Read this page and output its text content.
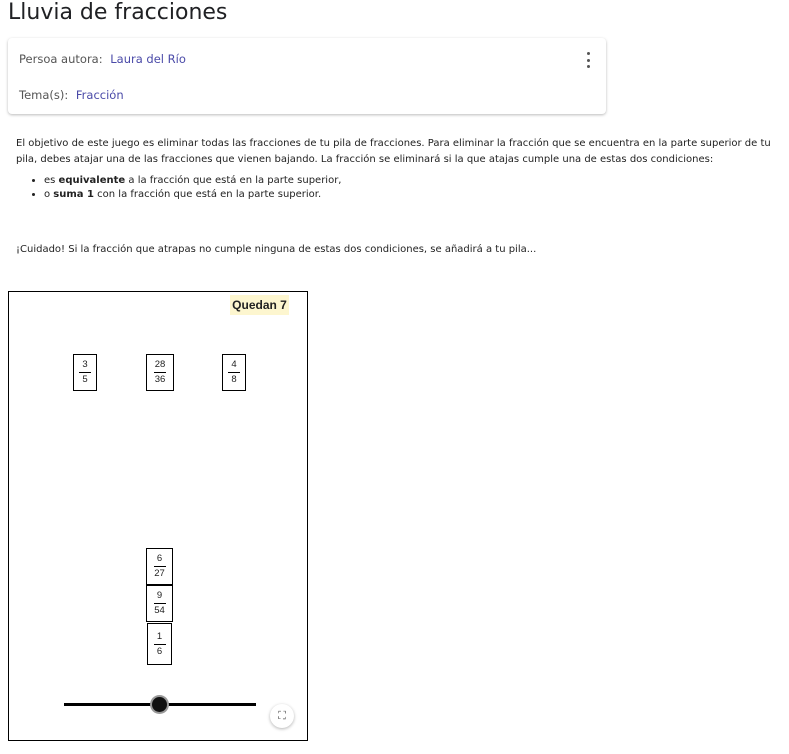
Lluvia de fracciones
Persoa autora: Laura del Río
Tema(s): Fracción

El objetivo de este juego es eliminar todas las fracciones de tu pila de fracciones. Para eliminar la fracción que se encuentra en la parte superior de tu pila, debes atajar una de las fracciones que vienen bajando. La fracción se eliminará si la que atajas cumple una de estas dos condiciones:

• es equivalente a la fracción que está en la parte superior,
• o suma 1 con la fracción que está en la parte superior.
¡Cuidado! Si la fracción que atrapas no cumple ninguna de estas dos condiciones, se añadirá a tu pila...
Quedan 7
3
5
28
36
4
8
6
27
9
54
1
6
⛶
